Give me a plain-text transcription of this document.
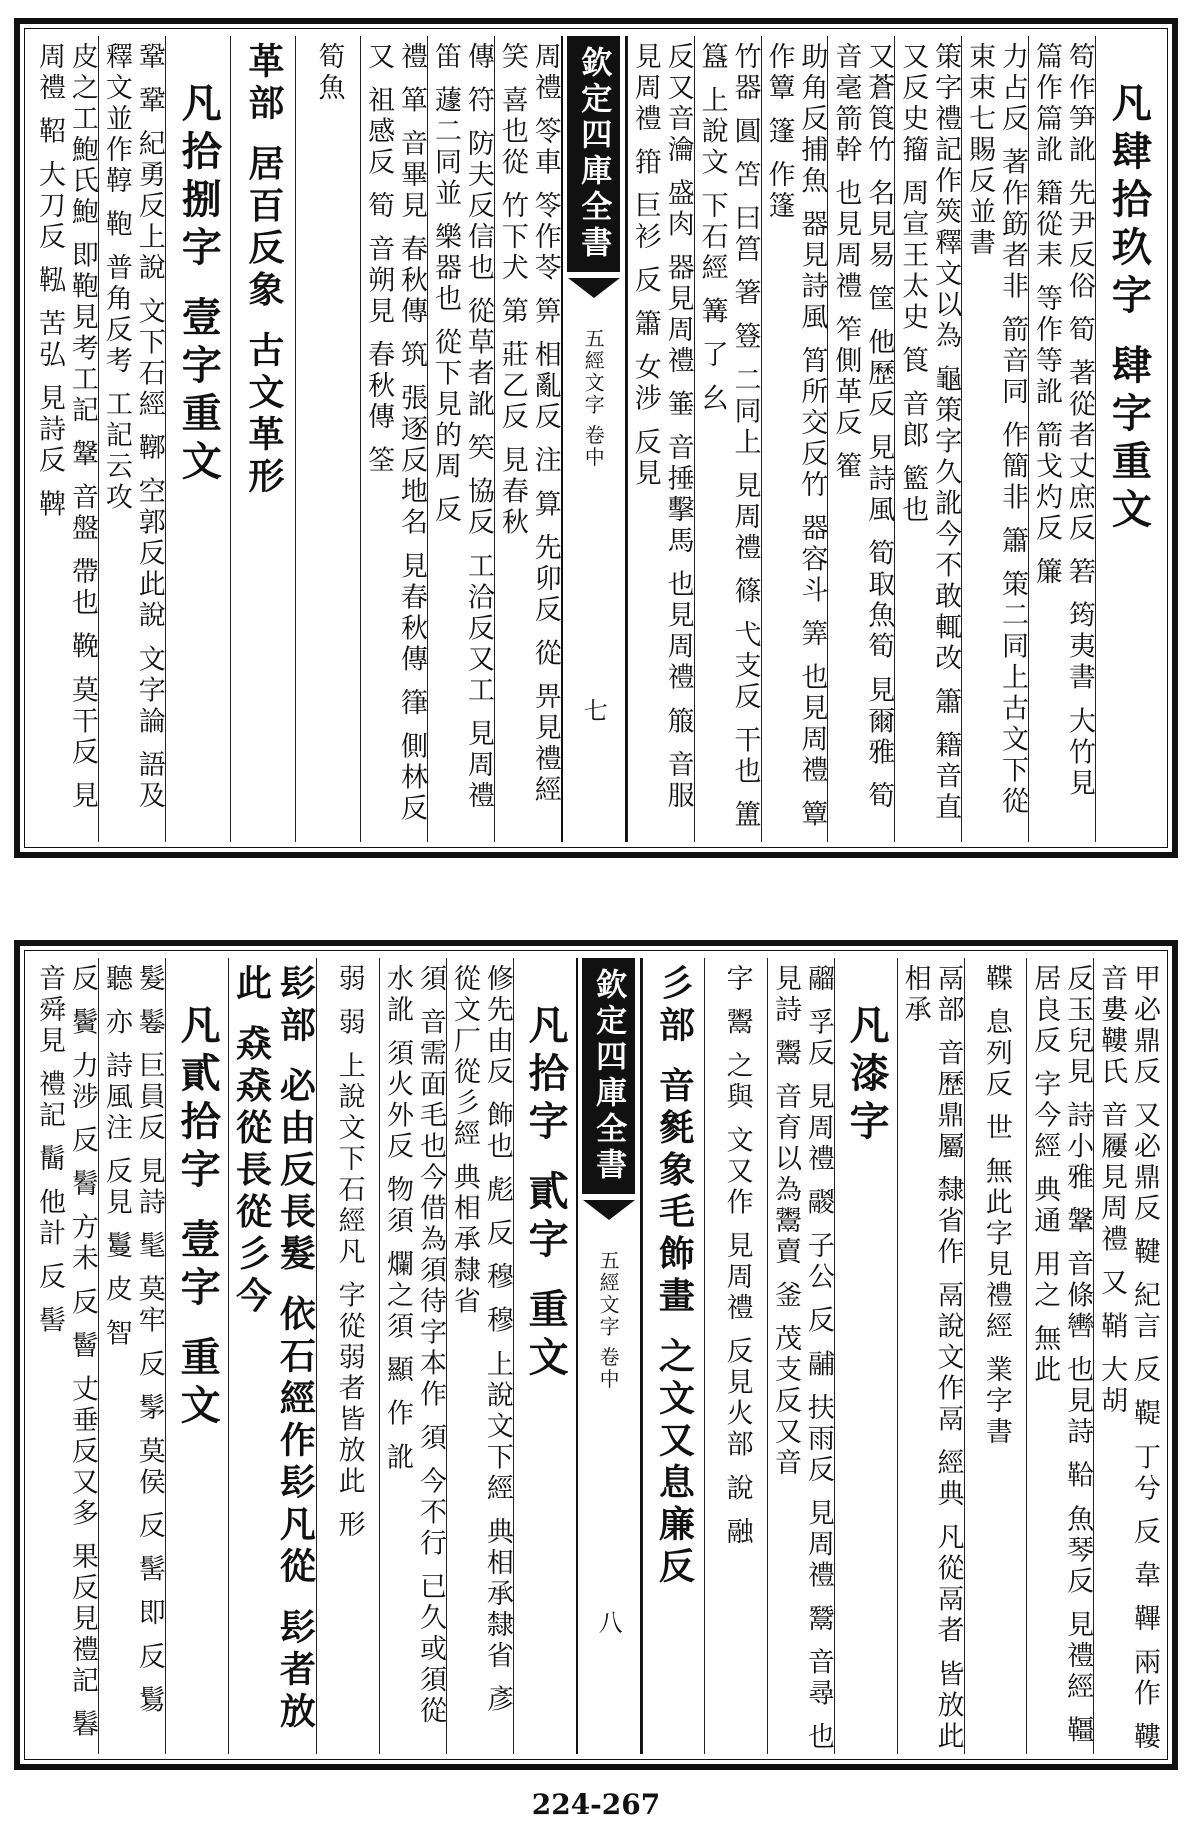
凡肆拾玖字 肆字重文
笱作笋訛 先尹反俗 筍 著從者丈庶反 箬 筠夷書 大竹見 篇作篇訛 籍從耒 等作等訛 箭戈灼反 簾
力占反 著作筯者非 箭音同 作簡非 簫 策二同上古文下從 束束七賜反並書
策字禮記作筴釋文以為 龜策字久訛今不敢輒改 簫 籍音直又反史籀 周宣王太史 筤 音郎 籃也
又蒼筤竹 名見易 筐 他歷反 見詩風 筍取魚筍 見爾雅 筍音毫箭幹 也見周禮 笮側革反 篧
助角反捕魚 器見詩風 筲所交反竹 器容斗 筭 也見周禮 簟 作簟 篷 作篷
竹器 圓 笘 曰筥 箸 簦 二同上 見周禮 篠 弋支反 干也 簠 簋 上說文 下石經 篝 了 幺
反又音瀹 盛肉 器見周禮 箠 音捶擊馬 也見周禮 箙 音服 見周禮 箝 巨衫 反 簫 女涉 反見
欽定四庫全書
五經文字 卷中
七
周禮 笭車 笭作苓 箅 相亂反 注 算 先卯反 從 畀見禮經 笑 喜也從 竹下犬 第 莊乙反 見春秋
傳 符 防夫反信也 從草者訛 笶 協反 工洽反又工 見周禮 笛 蘧二同並 樂器也 從下見的周 反
禮 箪 音畢見 春秋傳 筑 張逐反地名 見春秋傳 箻 側林反 又 祖感反 筍 音朔見 春秋傳 筌
筍魚
革部 居百反象 古文革形
凡拾捌字 壹字重文
鞏 鞏 紀勇反上說 文下石經 鞹 空郭反此說 文字論 語及釋文並作鞟 鞄 普角反考 工記云攻
皮之工鮑氏鮑 即鞄見考工記 鞶 音盤 帶也 鞔 莫干反 見周禮 鞀 大刀反 鞃 苦弘 見詩反 鞞
甲必鼎反 又必鼎反 鞬 紀言 反 鞮 丁兮 反 韋 鞸 兩作 鞻 音婁鞻氏 音屨見周禮 又 鞘 大胡
反玉兒見 詩小雅 鞶 音條轡 也見詩 鞈 魚琴反 見禮經 韁 居良反 字今經 典通 用之 無此
鞢 息列反 世 無此字見禮經 業字書
鬲部 音歷鼎屬 隸省作 鬲說文作鬲 經典 凡從鬲者 皆放此 相承
凡漆字
鬸 孚反 見周禮 鬷 子公 反 鬴 扶雨反 見周禮 鬵 音尋 也見詩 鬻 音育以為鬻賣 釜 茂支反又音
字 鬻 之與 文又作 見周禮 反見火部 說 融
彡部 音毿象毛飾畫 之文又息廉反
欽定四庫全書
五經文字 卷中
八
凡拾字 貳字 重文
修先由反 飾也 彪 反 穆 穆 上說文下經 典相承隸省 彥 從文厂從彡經 典相承隸省
須 音需面毛也今借為須待字本作 須 今不行 已久或須從水訛 須火外反 物須 爛之須 顯 作 訛
弱 弱 上說文下石經凡 字從弱者皆放此 形
髟部 必由反長髮 依石經作髟凡從 髟者放此 猋猋從長從彡今
凡貳拾字 壹字 重文
髮 鬈 巨員反 見詩 髦 莫牢 反 髳 莫侯 反 髺 即 反 鬄 聽 亦 詩風注 反見 鬘 皮 智
反 鬢 力涉 反 鬌 方未 反 鬙 丈垂反又多 果反見禮記 鬊 音舜見 禮記 鬝 他計 反 髻
224-267
